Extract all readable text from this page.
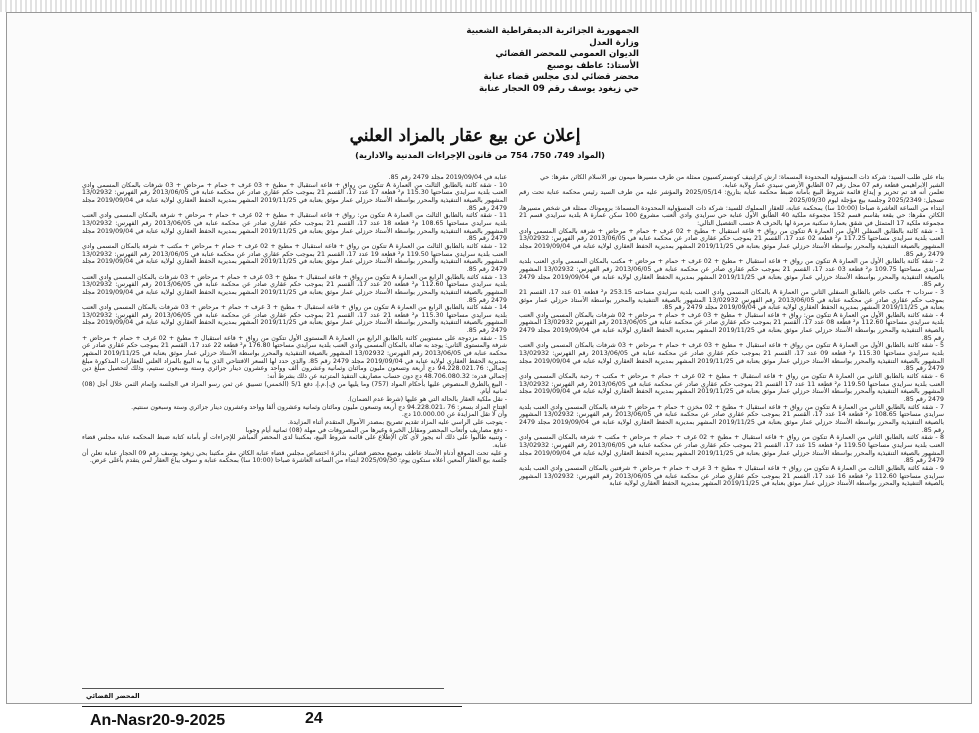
الجمهورية الجزائرية الديمقراطية الشعبية
وزارة العدل
الديوان العمومي للمحضر القضائي
الأستاذ: عاطف بوصبع
محضر قضائي لدى مجلس قضاء عنابة
حي زيغود يوسف رقم 09 الحجار عنابة
إعلان عن بيع عقار بالمزاد العلني
(المواد 749، 750، 754 من قانون الإجراءات المدنية والادارية)

بناء على طلب السيد: شركة ذات المسؤولية المحدودة المسماة: ارش كرايتيف كونستركسيون ممثلة من طرف مسيرها ميمون نور الاسلام الكائن مقرها: حي

الشير الابراهيمي قطعة رقم 07 محل رقم 07 الطابق الأرضي سيدي عمار ولاية عنابة.

تعلمن أنه قد تم تحرير و إيداع قائمة شروط البيع بأمانة ضبط محكمة عنابة بتاريخ: 2025/05/14 والمؤشر عليه من طرف السيد رئيس محكمة عنابة تحت رقم تسجيل: 2025/2349 وجلسة بيع مؤجلة ليوم 2025/09/30

ابتداء من الساعة العاشرة صباحا (10:00 سا) بمحكمة عنابة، للعقار المملوك للسيد: شركة ذات المسؤولية المحدودة المسماة: بروموناك ممثلة في شخص مسيرها، الكائن مقرها: حي بقعة بقاسم قسم 152 مجموعة ملكية 40 الطابق الأول عنابة حي سرايدي وادي العنب مشروع 100 سكن عمارة A بلدية سرايدي قسم 21 مجموعة ملكية 17 المتمثل في شقق بعمارة سكنية مرمرة لها بالحرف A حسب التفصيل التالي:

1 - شقة كائنة بالطابق السفلي الأول من العمارة A تتكون من رواق + قاعة استقبال + مطبخ + 02 غرف + حمام + مرحاض + شرفة بالمكان المسمى وادي العنب بلدية سرايدي مساحتها 117.25 م² قطعة 02 عدد 17، القسم 21 بموجب حكم عقاري صادر عن محكمة عنابة في 2013/06/05 رقم الفهرس: 13/02932 المشهور بالصيغة التنفيذية والمحرر بواسطة الأستاذ حرزلي عمار موثق بعنابة في 2019/11/25 المشهر بمديرية الحفظ العقاري لولاية عنابة في 2019/09/04 مجلد 2479 رقم 85.

2 - شقة كائنة بالطابق الأول من العمارة A تتكون من رواق + قاعة استقبال + مطبخ + 02 غرف + حمام + مرحاض + مكتب بالمكان المسمى وادي العنب بلدية سرايدي مساحتها 109.75 م² قطعة 03 عدد 17، القسم 21 بموجب حكم عقاري صادر عن محكمة عنابة في 2013/06/05 رقم الفهرس: 13/02932 المشهور بالصيغة التنفيذية والمحرر بواسطة الأستاذ حرزلي عمار موثق بعنابة في 2019/11/25 المشهر بمديرية الحفظ العقاري لولاية عنابة في 2019/09/04 مجلد 2479 رقم 85.

3 - سرداب + مكتب خاص بالطابق السفلي الثاني من العمارة A بالمكان المسمى وادي العنب بلدية سرايدي مساحته 253.15 م² قطعة 01 عدد 17، القسم 21 بموجب حكم عقاري صادر عن محكمة عنابة في 2013/06/05 رقم الفهرس 13/02932 المشهور بالصيغة التنفيذية والمحرر بواسطة الأستاذ حرزلي عمار موثق بعنابة في 2019/11/25 المشهر بمديرية الحفظ العقاري لولاية عنابة في 2019/09/04 مجلد 2479 رقم 85.

4 - شقة كائنة بالطابق الأول من العمارة A تتكون من: رواق + قاعة استقبال + مطبخ + 03 غرف + حمام + مرحاض + 02 شرفات بالمكان المسمى وادي العنب بلدية سرايدي مساحتها 112.60 م² قطعة 08 عدد 17، القسم 21 بموجب حكم عقاري صادر عن محكمة عنابة في 2013/06/05 رقم الفهرس 13/02932 المشهور بالصيغة التنفيذية والمحرر بواسطة الأستاذ حرزلي عمار موثق بعنابة في 2019/11/25 المشهر بمديرية الحفظ العقاري لولاية عنابة في 2019/09/04 مجلد 2479 رقم 85.

5 - شقة كائنة بالطابق الأول من العمارة A تتكون من رواق + قاعة استقبال + مطبخ + 03 غرف + حمام + مرحاض + 03 شرفات بالمكان المسمى وادي العنب بلدية سرايدي مساحتها 115.30 م² قطعة 09 عدد 17، القسم 21 بموجب حكم عقاري صادر عن محكمة عنابة في 2013/06/05 رقم الفهرس: 13/02932 المشهور بالصيغة التنفيذية والمحرر بواسطة الأستاذ حرزلي عمار موثق بعنابة في 2019/11/25 المشهر بمديرية الحفظ العقاري لولاية عنابة في 2019/09/04 مجلد 2479 رقم 85.

6 - شقة كائنة بالطابق الثاني من العمارة A تتكون من رواق + قاعة استقبال + مطبخ + 02 غرف + حمام + مرحاض + مكتب + رحبة بالمكان المسمى وادي العنب بلدية سرايدي مساحتها 119.50 م² قطعة 11 عدد 17 القسم 21 بموجب حكم عقاري صادر عن محكمة عنابة في 2013/06/05 رقم الفهرس: 13/02932 المشهور بالصيغة التنفيذية والمحرر بواسطة الأستاذ حرزلي عمار موثق بعنابة في 2019/11/25 المشهر بمديرية الحفظ العقاري لولاية عنابة في 2019/09/04 مجلد 2479 رقم 85.

7 - شقة كائنة بالطابق الثاني من العمارة A تتكون من رواق + قاعة استقبال + مطبخ + 02 مخزن + حمام + مرحاض + شرفة بالمكان المسمى وادي العنب بلدية سرايدي مساحتها 108.65 م² قطعة 14 عدد 17، القسم 21 بموجب حكم عقاري صادر عن محكمة عنابة في 2013/06/05 رقم الفهرس: 13/02932 المشهور بالصيغة التنفيذية والمحرر بواسطة الأستاذ حرزلي عمار موثق بعنابة في 2019/11/25 المشهر بمديرية الحفظ العقاري لولاية عنابة في 2019/09/04 مجلد 2479 رقم 85.

8 - شقة كائنة بالطابق الثاني من العمارة A تتكون من رواق + قاعة استقبال + مطبخ + 02 غرف + حمام + مرحاض + مكتب + شرفة بالمكان المسمى وادي العنب بلدية سرايدي مساحتها 119.50 م² قطعة 15 عدد 17، القسم 21 بموجب حكم عقاري صادر عن محكمة عنابة في 2013/06/05 رقم الفهرس: 13/02932 المشهور بالصيغة التنفيذية والمحرر بواسطة الأستاذ حرزلي عمار موثق بعنابة في 2019/11/25 المشهر بمديرية الحفظ العقاري لولاية عنابة في 2019/09/04 مجلد 2479 رقم 85.

9 - شقة كائنة بالطابق الثالث من العمارة A تتكون من رواق + قاعة استقبال + مطبخ + 3 غرف + حمام + مرحاض + شرفتين بالمكان المسمى وادي العنب بلدية سرايدي مساحتها 112.60 م² قطعة 16 عدد 17، القسم 21 بموجب حكم عقاري صادر عن محكمة عنابة في 2013/06/05 رقم الفهرس: 13/02932 المشهور بالصيغة التنفيذية والمحرر بواسطة الأستاذ حرزلي عمار موثق بعنابة في 2019/11/25 المشهر بمديرية الحفظ العقاري لولاية عنابة

عنابة في 2019/09/04 مجلد 2479 رقم 85.

10 - شقة كائنة بالطابق الثالث من العمارة A تتكون من رواق + قاعة استقبال + مطبخ + 03 غرف + حمام + مرحاض + 03 شرفات بالمكان المسمى وادي العنب بلدية سرايدي مساحتها 115.30 م² قطعة 17 عدد 17، القسم 21 بموجب حكم عقاري صادر عن محكمة عنابة في 2013/06/05 رقم الفهرس: 13/02932 المشهور بالصيغة التنفيذية والمحرر بواسطة الأستاذ حرزلي عمار موثق بعنابة في 2019/11/25 المشهر بمديرية الحفظ العقاري لولاية عنابة في 2019/09/04 مجلد 2479 رقم 85.

11 - شقة كائنة بالطابق الثالث من العمارة A تتكون من: رواق + قاعة استقبال + مطبخ + 02 غرف + حمام + مرحاض + شرفة بالمكان المسمى وادي العنب بلدية سرايدي مساحتها 108.65 م² قطعة 18 عدد 17، القسم 21 بموجب حكم عقاري صادر عن محكمة عنابة في 2013/06/05 رقم الفهرس: 13/02932 المشهور بالصيغة التنفيذية والمحرر بواسطة الأستاذ حرزلي عمار موثق بعنابة في 2019/11/25 المشهر بمديرية الحفظ العقاري لولاية عنابة في 2019/09/04 مجلد 2479 رقم 85.

12 - شقة كائنة بالطابق الثالث من العمارة A تتكون من رواق + قاعة استقبال + مطبخ + 02 غرف + حمام + مرحاض + مكتب + شرفة بالمكان المسمى وادي العنب بلدية سرايدي مساحتها 119.50 م² قطعة 19 عدد 17، القسم 21 بموجب حكم عقاري صادر عن محكمة عنابة في 2013/06/05 رقم الفهرس: 13/02932 المشهور بالصيغة التنفيذية والمحرر بواسطة الأستاذ حرزلي عمار موثق بعنابة في 2019/11/25 المشهر بمديرية الحفظ العقاري لولاية عنابة في 2019/09/04 مجلد 2479 رقم 85.

13 - شقة كائنة بالطابق الرابع من العمارة A تتكون من رواق + قاعة استقبال + مطبخ + 03 غرف + حمام + مرحاض + 03 شرفات بالمكان المسمى وادي العنب بلدية سرايدي مساحتها 112.60 م² قطعة 20 عدد 17، القسم 21 بموجب حكم عقاري صادر عن محكمة عنابة في 2013/06/05 رقم الفهرس: 13/02932 المشهور بالصيغة التنفيذية والمحرر بواسطة الأستاذ حرزلي عمار موثق بعنابة في 2019/11/25 المشهر بمديرية الحفظ العقاري لولاية عنابة في 2019/09/04 مجلد 2479 رقم 85.

14 - شقة كائنة بالطابق الرابع من العمارة A تتكون من رواق + قاعة استقبال + مطبخ + 3 غرف + حمام + مرحاض + 03 شرفات بالمكان المسمى وادي العنب بلدية سرايدي مساحتها 115.30 م² قطعة 21 عدد 17، القسم 21 بموجب حكم عقاري صادر عن محكمة عنابة في 2013/06/05 رقم الفهرس: 13/02932 المشهور بالصيغة التنفيذية والمحرر بواسطة الأستاذ حرزلي عمار موثق بعنابة في 2019/11/25 المشهر بمديرية الحفظ العقاري لولاية عنابة في 2019/09/04 مجلد 2479 رقم 85.

15 - شقة مزدوجة على مستويين كائنة بالطابق الرابع من العمارة A المستوى الأول تتكون من رواق + قاعة استقبال + مطبخ + 02 غرف + حمام + مرحاض + شرفة والمستوى الثاني: يوجد به صالة بالمكان المسمى وادي العنب بلدية سرايدي مساحتها 176.80 م² قطعة 22 عدد 17، القسم 21 بموجب حكم عقاري صادر عن محكمة عنابة في 2013/06/05 رقم الفهرس: 13/02932 المشهور بالصيغة التنفيذية والمحرر بواسطة الأستاذ حرزلي عمار موثق بعنابة في 2019/11/25 المشهر بمديرية الحفظ العقاري لولاية عنابة في 2019/09/04 مجلد 2479 رقم 85. والذي حدد لها السعر الافتتاحي الذي بيا به البيع بالمزاد العلني للعقارات المذكورة مبلغ إجمالي: 94.228.021.76 دج أربعة وتسعون مليون ومائتان وثمانية وعشرون ألف وواحد وعشرون دينار جزائري وستة وسبعون سنتيم، وذلك لتحصيل مبلغ دين إجمالي قدره: 48.706.080.32 دج دون حساب مصاريف التنفيذ المترتبة عن ذلك بشرط أنه:

- البيع بالطرق المنصوص عليها بأحكام المواد (757) وما يليها من ق.إ.م.إ، دفع 5/1 (الخمس) تسبيق عن ثمن رسو المزاد في الجلسة وإتمام الثمن خلال أجل (08) ثمانية أيام.

- نقل ملكية العقار بالحالة التي هو عليها (شرط عدم الضمان).

افتتاح المزاد بسعر: 76 ،94.228.021 دج أربعة وتسعون مليون ومائتان وثمانية وعشرون ألفا وواحد وعشرون دينار جزائري وستة وسبعون سنتيم.

وأن لا تقل المزايدة عن 10.000.00 دج.

- يتوجب على الراسي عليه المزاد تقديم تصريح بمصدر الأموال المتقدم أثناء المزايدة.

- دفع مصاريف وأتعاب المحضر ومقابل الخبرة وغيرها من المصروفات في مهلة (08) ثمانية أيام وجوبا

- وتنبيه طالبوا على ذلك أنه يجوز لأي كان الإطلاع على قائمة شروط البيع، بمكتبنا لدى المحضر المباشر للإجراءات أو بأمانة كتابة ضبط المحكمة عنابة مجلس قضاء عنابة.

و عليه تحت الموقع أدناه الأستاذ عاطف بوصبع محضر قضائي بدائرة اختصاص مجلس قضاء عنابة الكائن مقر مكتبنا بحي زيغود يوسف رقم 09 الحجار عنابة تعلن أن جلسة بيع العقار المعين أعلاه ستكون يوم: 2025/09/30 ابتداء من الساعة العاشرة صباحا (10:00 سا) بمحكمة عنابة و سوف يباع العقار لمن يتقدم بأعلى عرض.

المحضر القضائي
An-Nasr20-9-2025	24
